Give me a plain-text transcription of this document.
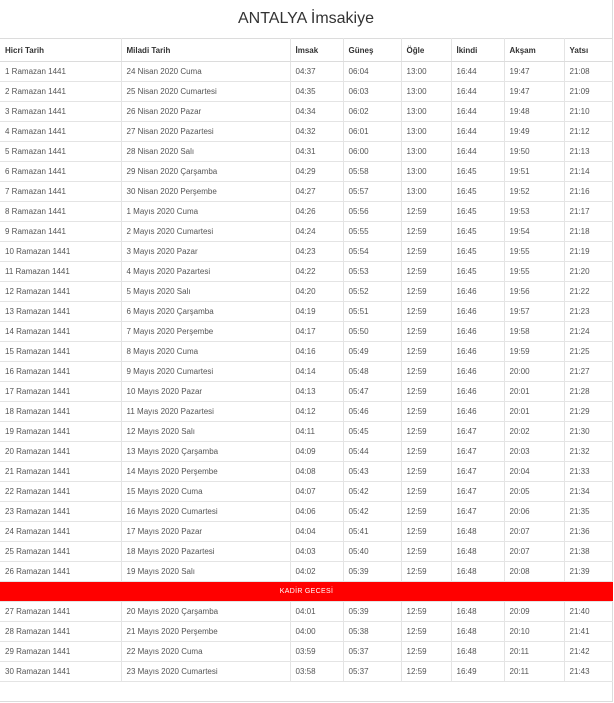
ANTALYA İmsakiye
Hicri Tarih	Miladi Tarih	İmsak	Güneş	Öğle	İkindi	Akşam	Yatsı
1 Ramazan 1441	24 Nisan 2020 Cuma	04:37	06:04	13:00	16:44	19:47	21:08
2 Ramazan 1441	25 Nisan 2020 Cumartesi	04:35	06:03	13:00	16:44	19:47	21:09
3 Ramazan 1441	26 Nisan 2020 Pazar	04:34	06:02	13:00	16:44	19:48	21:10
4 Ramazan 1441	27 Nisan 2020 Pazartesi	04:32	06:01	13:00	16:44	19:49	21:12
5 Ramazan 1441	28 Nisan 2020 Salı	04:31	06:00	13:00	16:44	19:50	21:13
6 Ramazan 1441	29 Nisan 2020 Çarşamba	04:29	05:58	13:00	16:45	19:51	21:14
7 Ramazan 1441	30 Nisan 2020 Perşembe	04:27	05:57	13:00	16:45	19:52	21:16
8 Ramazan 1441	1 Mayıs 2020 Cuma	04:26	05:56	12:59	16:45	19:53	21:17
9 Ramazan 1441	2 Mayıs 2020 Cumartesi	04:24	05:55	12:59	16:45	19:54	21:18
10 Ramazan 1441	3 Mayıs 2020 Pazar	04:23	05:54	12:59	16:45	19:55	21:19
11 Ramazan 1441	4 Mayıs 2020 Pazartesi	04:22	05:53	12:59	16:45	19:55	21:20
12 Ramazan 1441	5 Mayıs 2020 Salı	04:20	05:52	12:59	16:46	19:56	21:22
13 Ramazan 1441	6 Mayıs 2020 Çarşamba	04:19	05:51	12:59	16:46	19:57	21:23
14 Ramazan 1441	7 Mayıs 2020 Perşembe	04:17	05:50	12:59	16:46	19:58	21:24
15 Ramazan 1441	8 Mayıs 2020 Cuma	04:16	05:49	12:59	16:46	19:59	21:25
16 Ramazan 1441	9 Mayıs 2020 Cumartesi	04:14	05:48	12:59	16:46	20:00	21:27
17 Ramazan 1441	10 Mayıs 2020 Pazar	04:13	05:47	12:59	16:46	20:01	21:28
18 Ramazan 1441	11 Mayıs 2020 Pazartesi	04:12	05:46	12:59	16:46	20:01	21:29
19 Ramazan 1441	12 Mayıs 2020 Salı	04:11	05:45	12:59	16:47	20:02	21:30
20 Ramazan 1441	13 Mayıs 2020 Çarşamba	04:09	05:44	12:59	16:47	20:03	21:32
21 Ramazan 1441	14 Mayıs 2020 Perşembe	04:08	05:43	12:59	16:47	20:04	21:33
22 Ramazan 1441	15 Mayıs 2020 Cuma	04:07	05:42	12:59	16:47	20:05	21:34
23 Ramazan 1441	16 Mayıs 2020 Cumartesi	04:06	05:42	12:59	16:47	20:06	21:35
24 Ramazan 1441	17 Mayıs 2020 Pazar	04:04	05:41	12:59	16:48	20:07	21:36
25 Ramazan 1441	18 Mayıs 2020 Pazartesi	04:03	05:40	12:59	16:48	20:07	21:38
26 Ramazan 1441	19 Mayıs 2020 Salı	04:02	05:39	12:59	16:48	20:08	21:39
KADİR GECESİ							
27 Ramazan 1441	20 Mayıs 2020 Çarşamba	04:01	05:39	12:59	16:48	20:09	21:40
28 Ramazan 1441	21 Mayıs 2020 Perşembe	04:00	05:38	12:59	16:48	20:10	21:41
29 Ramazan 1441	22 Mayıs 2020 Cuma	03:59	05:37	12:59	16:48	20:11	21:42
30 Ramazan 1441	23 Mayıs 2020 Cumartesi	03:58	05:37	12:59	16:49	20:11	21:43
